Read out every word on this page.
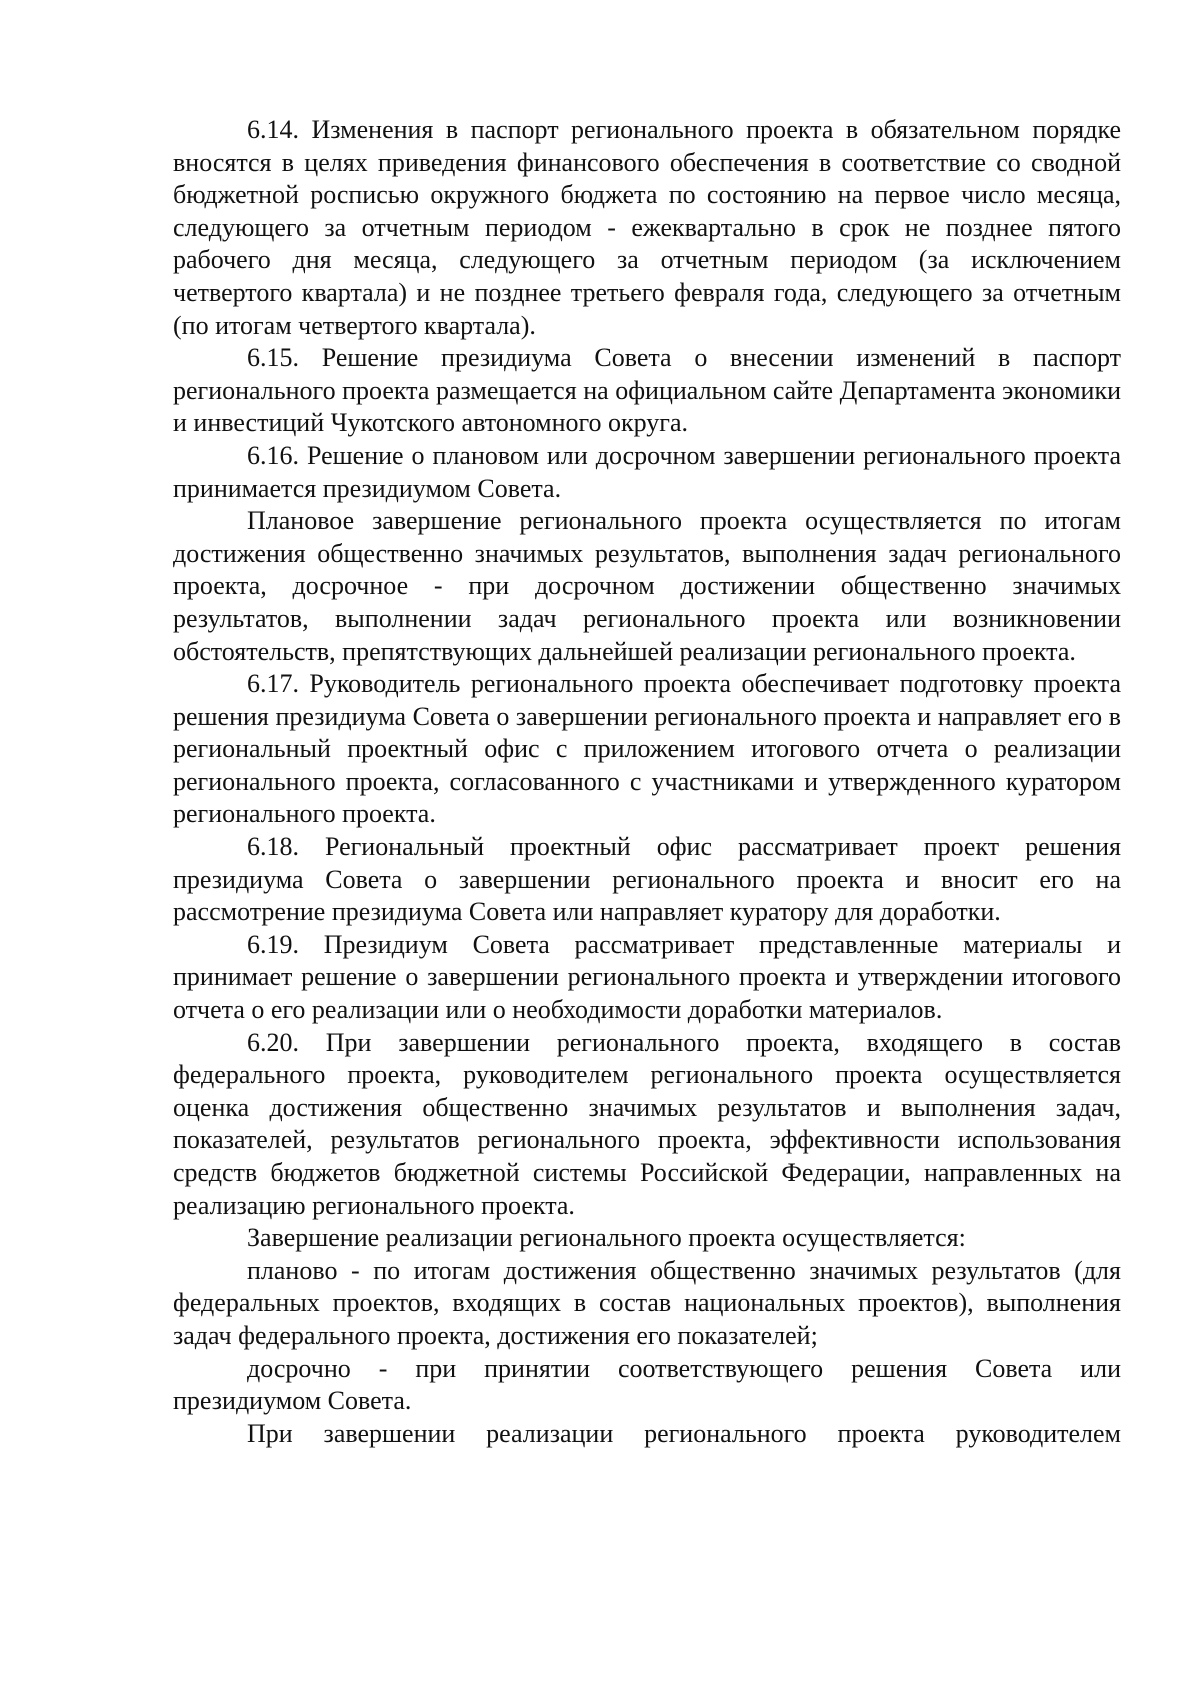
6.14. Изменения в паспорт регионального проекта в обязательном порядке вносятся в целях приведения финансового обеспечения в соответствие со сводной бюджетной росписью окружного бюджета по состоянию на первое число месяца, следующего за отчетным периодом - ежеквартально в срок не позднее пятого рабочего дня месяца, следующего за отчетным периодом (за исключением четвертого квартала) и не позднее третьего февраля года, следующего за отчетным (по итогам четвертого квартала).

6.15. Решение президиума Совета о внесении изменений в паспорт регионального проекта размещается на официальном сайте Департамента экономики и инвестиций Чукотского автономного округа.

6.16. Решение о плановом или досрочном завершении регионального проекта принимается президиумом Совета.

Плановое завершение регионального проекта осуществляется по итогам достижения общественно значимых результатов, выполнения задач регионального проекта, досрочное - при досрочном достижении общественно значимых результатов, выполнении задач регионального проекта или возникновении обстоятельств, препятствующих дальнейшей реализации регионального проекта.

6.17. Руководитель регионального проекта обеспечивает подготовку проекта решения президиума Совета о завершении регионального проекта и направляет его в региональный проектный офис с приложением итогового отчета о реализации регионального проекта, согласованного с участниками и утвержденного куратором регионального проекта.

6.18. Региональный проектный офис рассматривает проект решения президиума Совета о завершении регионального проекта и вносит его на рассмотрение президиума Совета или направляет куратору для доработки.

6.19. Президиум Совета рассматривает представленные материалы и принимает решение о завершении регионального проекта и утверждении итогового отчета о его реализации или о необходимости доработки материалов.

6.20. При завершении регионального проекта, входящего в состав федерального проекта, руководителем регионального проекта осуществляется оценка достижения общественно значимых результатов и выполнения задач, показателей, результатов регионального проекта, эффективности использования средств бюджетов бюджетной системы Российской Федерации, направленных на реализацию регионального проекта.

Завершение реализации регионального проекта осуществляется:

планово - по итогам достижения общественно значимых результатов (для федеральных проектов, входящих в состав национальных проектов), выполнения задач федерального проекта, достижения его показателей;

досрочно - при принятии соответствующего решения Совета или президиумом Совета.

При завершении реализации регионального проекта руководителем
